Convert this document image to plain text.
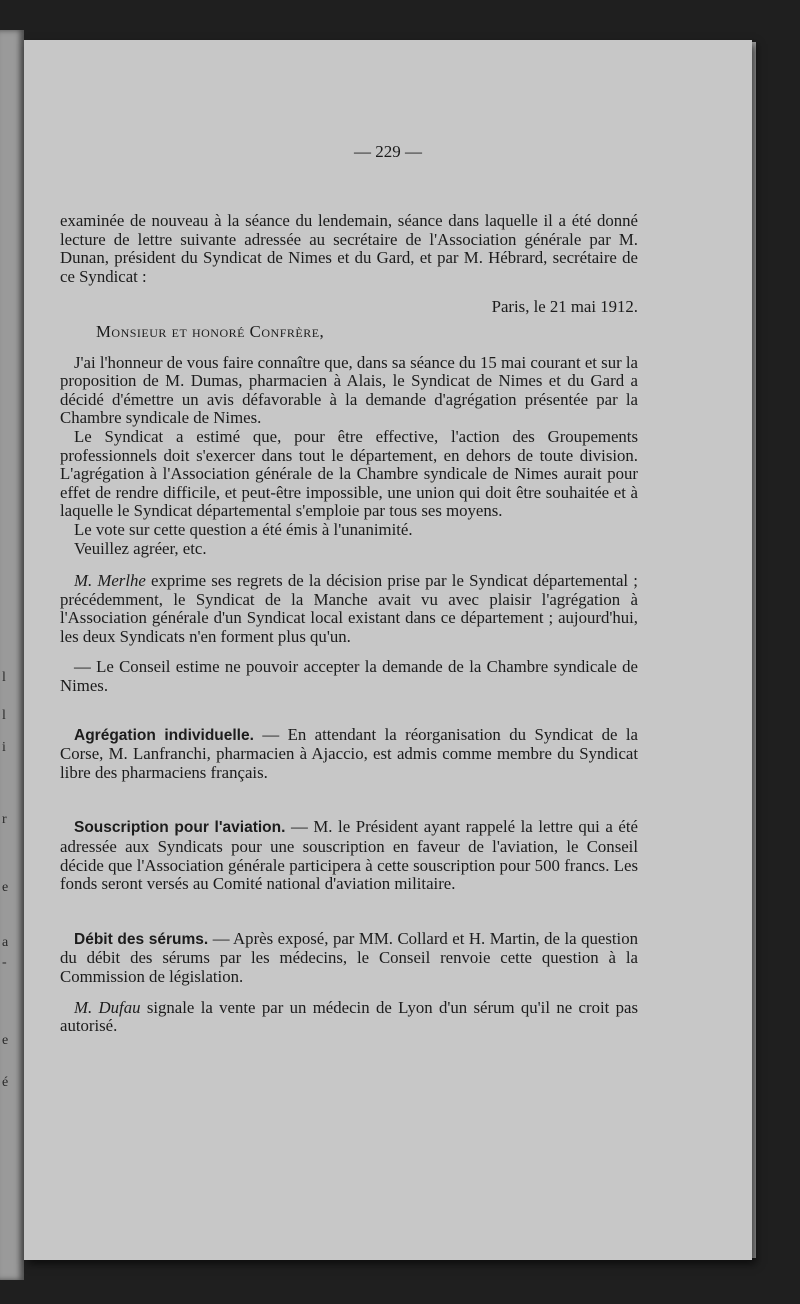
l
l
i
r
e
a
-
e
é
— 229 —

examinée de nouveau à la séance du lendemain, séance dans laquelle il a été donné lecture de lettre suivante adressée au secrétaire de l'Association générale par M. Dunan, président du Syndicat de Nimes et du Gard, et par M. Hébrard, secrétaire de ce Syndicat :

Paris, le 21 mai 1912.

Monsieur et honoré Confrère,

J'ai l'honneur de vous faire connaître que, dans sa séance du 15 mai courant et sur la proposition de M. Dumas, pharmacien à Alais, le Syndicat de Nimes et du Gard a décidé d'émettre un avis défavorable à la demande d'agrégation présentée par la Chambre syndicale de Nimes.

Le Syndicat a estimé que, pour être effective, l'action des Groupements professionnels doit s'exercer dans tout le département, en dehors de toute division. L'agrégation à l'Association générale de la Chambre syndicale de Nimes aurait pour effet de rendre difficile, et peut-être impossible, une union qui doit être souhaitée et à laquelle le Syndicat départemental s'emploie par tous ses moyens.

Le vote sur cette question a été émis à l'unanimité.

Veuillez agréer, etc.

M. Merlhe exprime ses regrets de la décision prise par le Syndicat départemental ; précédemment, le Syndicat de la Manche avait vu avec plaisir l'agrégation à l'Association générale d'un Syndicat local existant dans ce département ; aujourd'hui, les deux Syndicats n'en forment plus qu'un.

— Le Conseil estime ne pouvoir accepter la demande de la Chambre syndicale de Nimes.

Agrégation individuelle. — En attendant la réorganisation du Syndicat de la Corse, M. Lanfranchi, pharmacien à Ajaccio, est admis comme membre du Syndicat libre des pharmaciens français.

Souscription pour l'aviation. — M. le Président ayant rappelé la lettre qui a été adressée aux Syndicats pour une souscription en faveur de l'aviation, le Conseil décide que l'Association générale participera à cette souscription pour 500 francs. Les fonds seront versés au Comité national d'aviation militaire.

Débit des sérums. — Après exposé, par MM. Collard et H. Martin, de la question du débit des sérums par les médecins, le Conseil renvoie cette question à la Commission de législation.

M. Dufau signale la vente par un médecin de Lyon d'un sérum qu'il ne croit pas autorisé.
